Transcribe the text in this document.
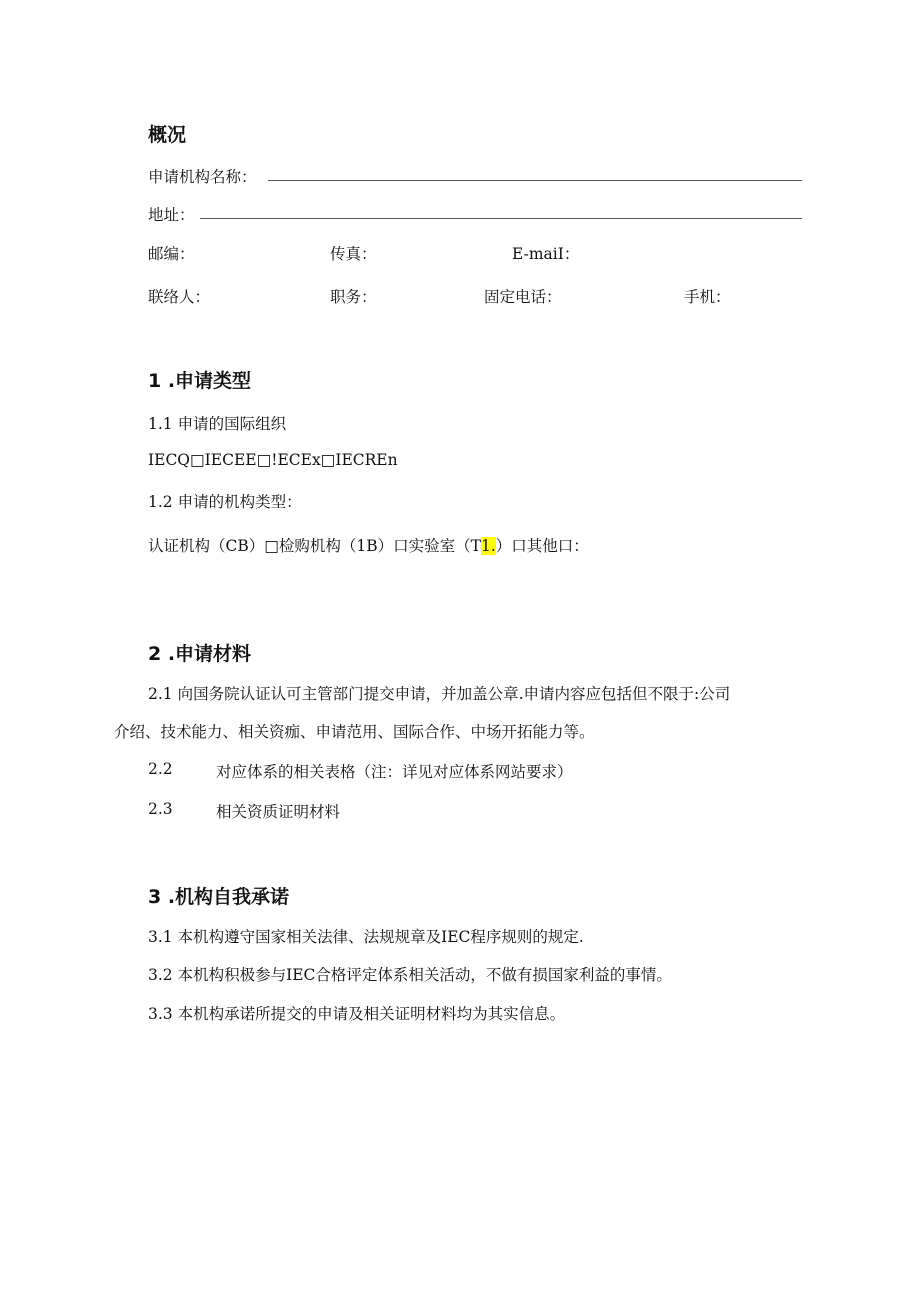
概况
申请机构名称：
地址：
邮编：	传真：	E-maiI：
联络人：	职务：	固定电话：	手机：
1 .申请类型
1.1 申请的国际组织
IECQ□IECEE□!ECEx□IECREn
1.2 申请的机构类型：
认证机构（CB）□检购机构（1B）口实验室（T1.）口其他口：
2 .申请材料
2.1 向国务院认证认可主管部门提交申请，并加盖公章.申请内容应包括但不限于:公司
介绍、技术能力、相关资痂、申请范用、国际合作、中场开拓能力等。
2.2	对应体系的相关表格（注：详见对应体系网站要求）
2.3	相关资质证明材料
3 .机构自我承诺
3.1 本机构遵守国家相关法律、法规规章及IEC程序规则的规定.
3.2 本机构积极参与IEC合格评定体系相关活动，不做有损国家利益的事情。
3.3 本机构承诺所提交的申请及相关证明材料均为其实信息。
